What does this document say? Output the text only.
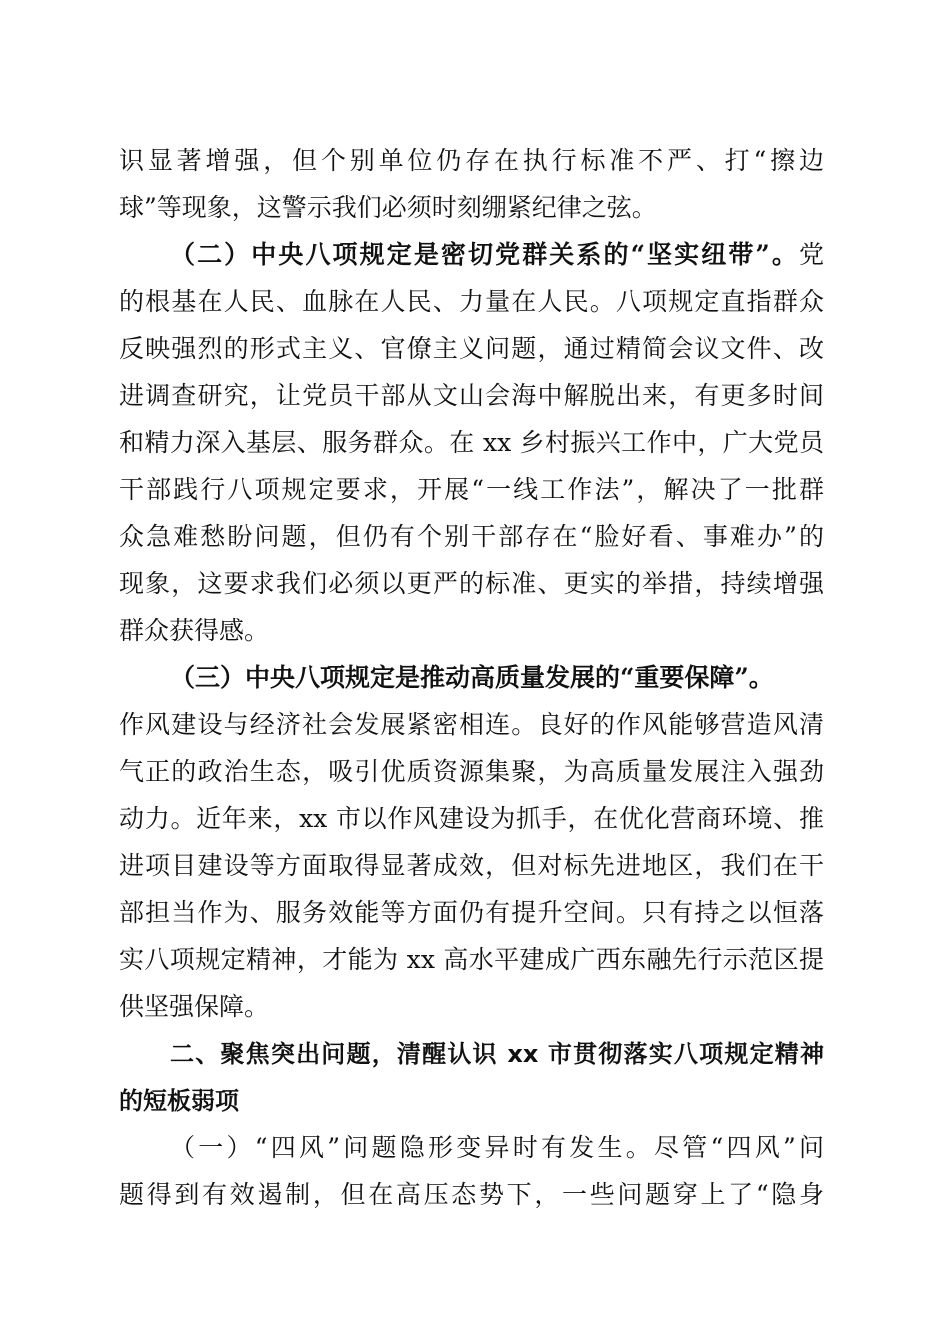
识显著增强，但个别单位仍存在执行标准不严、打“擦边
球”等现象，这警示我们必须时刻绷紧纪律之弦。
（二）中央八项规定是密切党群关系的“坚实纽带”。党
的根基在人民、血脉在人民、力量在人民。八项规定直指群众
反映强烈的形式主义、官僚主义问题，通过精简会议文件、改
进调查研究，让党员干部从文山会海中解脱出来，有更多时间
和精力深入基层、服务群众。在 xx 乡村振兴工作中，广大党员
干部践行八项规定要求，开展“一线工作法”，解决了一批群
众急难愁盼问题，但仍有个别干部存在“脸好看、事难办”的
现象，这要求我们必须以更严的标准、更实的举措，持续增强
群众获得感。
（三）中央八项规定是推动高质量发展的“重要保障”。
作风建设与经济社会发展紧密相连。良好的作风能够营造风清
气正的政治生态，吸引优质资源集聚，为高质量发展注入强劲
动力。近年来，xx 市以作风建设为抓手，在优化营商环境、推
进项目建设等方面取得显著成效，但对标先进地区，我们在干
部担当作为、服务效能等方面仍有提升空间。只有持之以恒落
实八项规定精神，才能为 xx 高水平建成广西东融先行示范区提
供坚强保障。
二、聚焦突出问题，清醒认识 xx 市贯彻落实八项规定精神
的短板弱项
（一）“四风”问题隐形变异时有发生。尽管“四风”问
题得到有效遏制，但在高压态势下，一些问题穿上了“隐身
